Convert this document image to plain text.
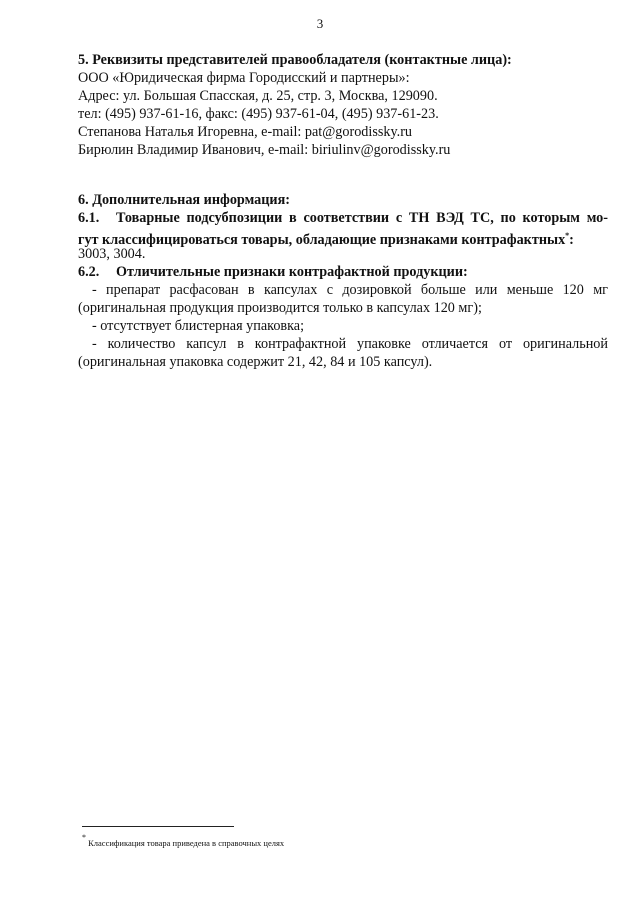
3
5. Реквизиты представителей правообладателя (контактные лица):
ООО «Юридическая фирма Городисский и партнеры»:
Адрес: ул. Большая Спасская, д. 25, стр. 3, Москва, 129090.
тел: (495) 937-61-16, факс: (495) 937-61-04, (495) 937-61-23.
Степанова Наталья Игоревна, e-mail: pat@gorodissky.ru
Бирюлин Владимир Иванович, e-mail: biriulinv@gorodissky.ru
6. Дополнительная информация:
6.1. Товарные подсубпозиции в соответствии с ТН ВЭД ТС, по которым мо-
гут классифицироваться товары, обладающие признаками контрафактных*:
3003, 3004.
6.2. Отличительные признаки контрафактной продукции:
- препарат расфасован в капсулах с дозировкой больше или меньше 120 мг
(оригинальная продукция производится только в капсулах 120 мг);
- отсутствует блистерная упаковка;
- количество капсул в контрафактной упаковке отличается от оригинальной
(оригинальная упаковка содержит 21, 42, 84 и 105 капсул).
* Классификация товара приведена в справочных целях
